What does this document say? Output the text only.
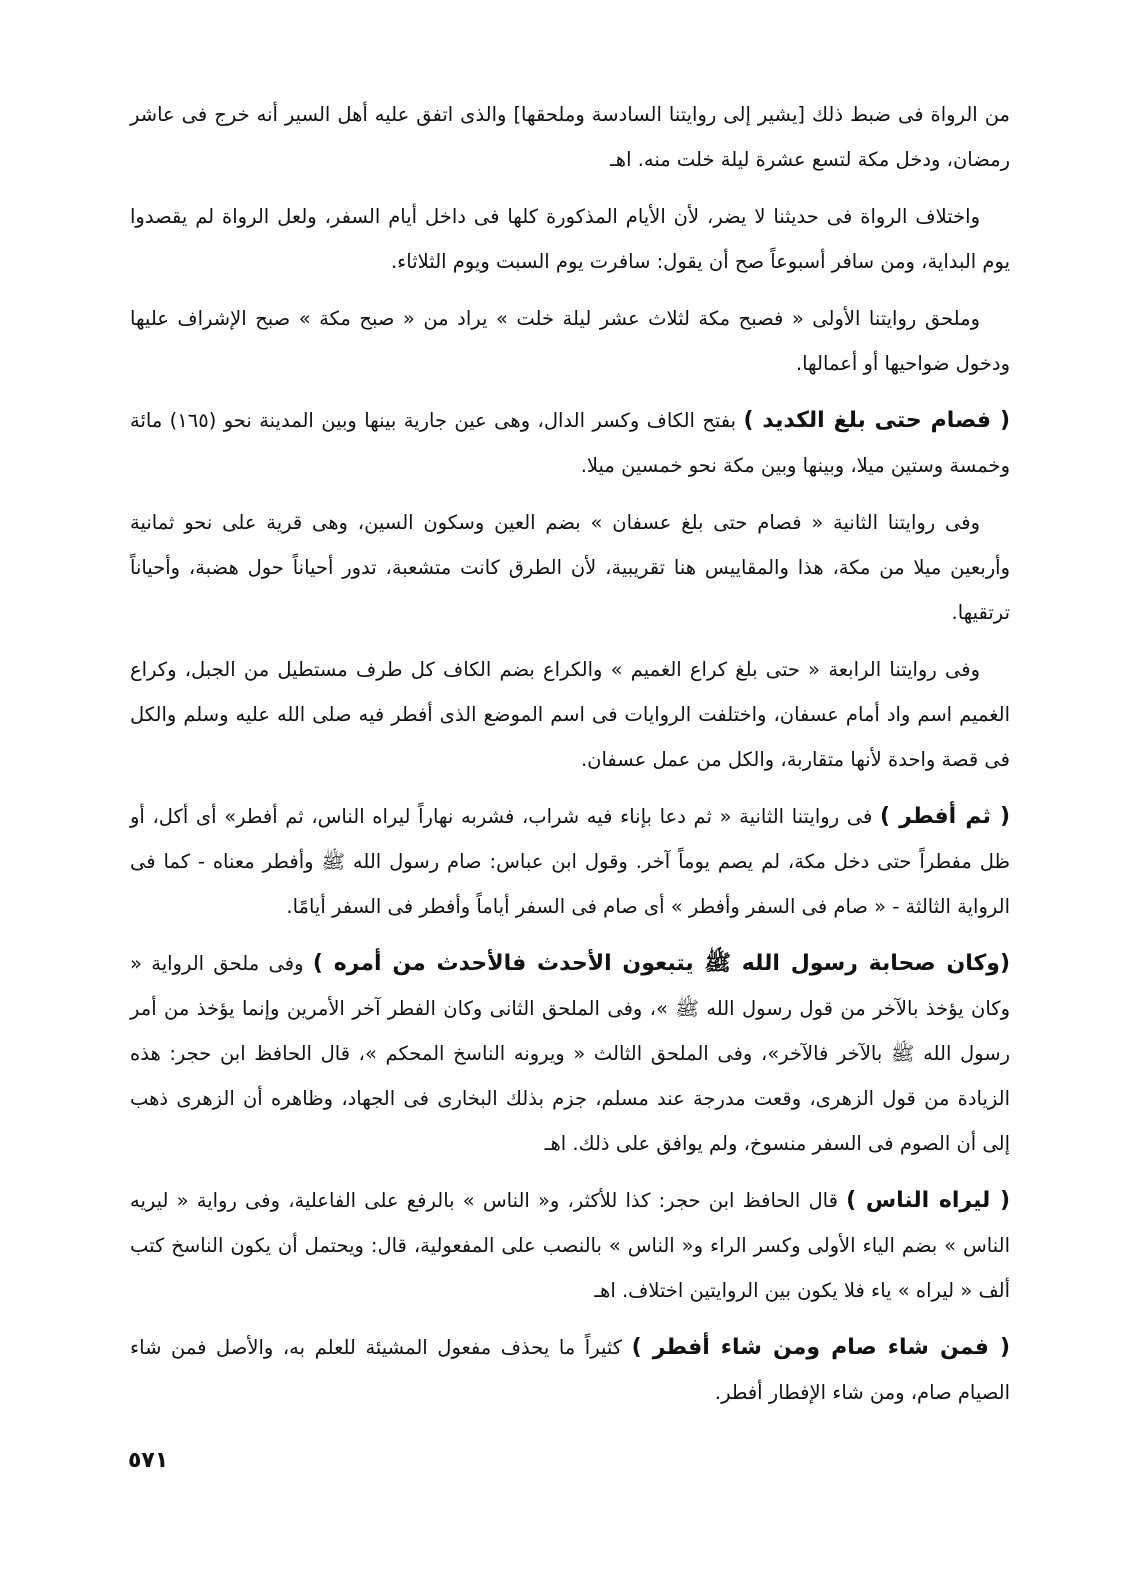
من الرواة فى ضبط ذلك [يشير إلى روايتنا السادسة وملحقها] والذى اتفق عليه أهل السير أنه خرج فى عاشر رمضان، ودخل مكة لتسع عشرة ليلة خلت منه. اهـ

واختلاف الرواة فى حديثنا لا يضر، لأن الأيام المذكورة كلها فى داخل أيام السفر، ولعل الرواة لم يقصدوا يوم البداية، ومن سافر أسبوعاً صح أن يقول: سافرت يوم السبت ويوم الثلاثاء.

وملحق روايتنا الأولى « فصبح مكة لثلاث عشر ليلة خلت » يراد من « صبح مكة » صبح الإشراف عليها ودخول ضواحيها أو أعمالها.

( فصام حتى بلغ الكديد ) بفتح الكاف وكسر الدال، وهى عين جارية بينها وبين المدينة نحو (١٦٥) مائة وخمسة وستين ميلا، وبينها وبين مكة نحو خمسين ميلا.

وفى روايتنا الثانية « فصام حتى بلغ عسفان » بضم العين وسكون السين، وهى قرية على نحو ثمانية وأربعين ميلا من مكة، هذا والمقاييس هنا تقريبية، لأن الطرق كانت متشعبة، تدور أحياناً حول هضبة، وأحياناً ترتقيها.

وفى روايتنا الرابعة « حتى بلغ كراع الغميم » والكراع بضم الكاف كل طرف مستطيل من الجبل، وكراع الغميم اسم واد أمام عسفان، واختلفت الروايات فى اسم الموضع الذى أفطر فيه صلى الله عليه وسلم والكل فى قصة واحدة لأنها متقاربة، والكل من عمل عسفان.

( ثم أفطر ) فى روايتنا الثانية « ثم دعا بإناء فيه شراب، فشربه نهاراً ليراه الناس، ثم أفطر» أى أكل، أو ظل مفطراً حتى دخل مكة، لم يصم يوماً آخر. وقول ابن عباس: صام رسول الله ﷺ وأفطر معناه - كما فى الرواية الثالثة - « صام فى السفر وأفطر » أى صام فى السفر أياماً وأفطر فى السفر أيامًا.

(وكان صحابة رسول الله ﷺ يتبعون الأحدث فالأحدث من أمره ) وفى ملحق الرواية « وكان يؤخذ بالآخر من قول رسول الله ﷺ »، وفى الملحق الثانى وكان الفطر آخر الأمرين وإنما يؤخذ من أمر رسول الله ﷺ بالآخر فالآخر»، وفى الملحق الثالث « ويرونه الناسخ المحكم »، قال الحافظ ابن حجر: هذه الزيادة من قول الزهرى، وقعت مدرجة عند مسلم، جزم بذلك البخارى فى الجهاد، وظاهره أن الزهرى ذهب إلى أن الصوم فى السفر منسوخ، ولم يوافق على ذلك. اهـ

( ليراه الناس ) قال الحافظ ابن حجر: كذا للأكثر، و« الناس » بالرفع على الفاعلية، وفى رواية « ليريه الناس » بضم الياء الأولى وكسر الراء و« الناس » بالنصب على المفعولية، قال: ويحتمل أن يكون الناسخ كتب ألف « ليراه » ياء فلا يكون بين الروايتين اختلاف. اهـ

( فمن شاء صام ومن شاء أفطر ) كثيراً ما يحذف مفعول المشيئة للعلم به، والأصل فمن شاء الصيام صام، ومن شاء الإفطار أفطر.

٥٧١
